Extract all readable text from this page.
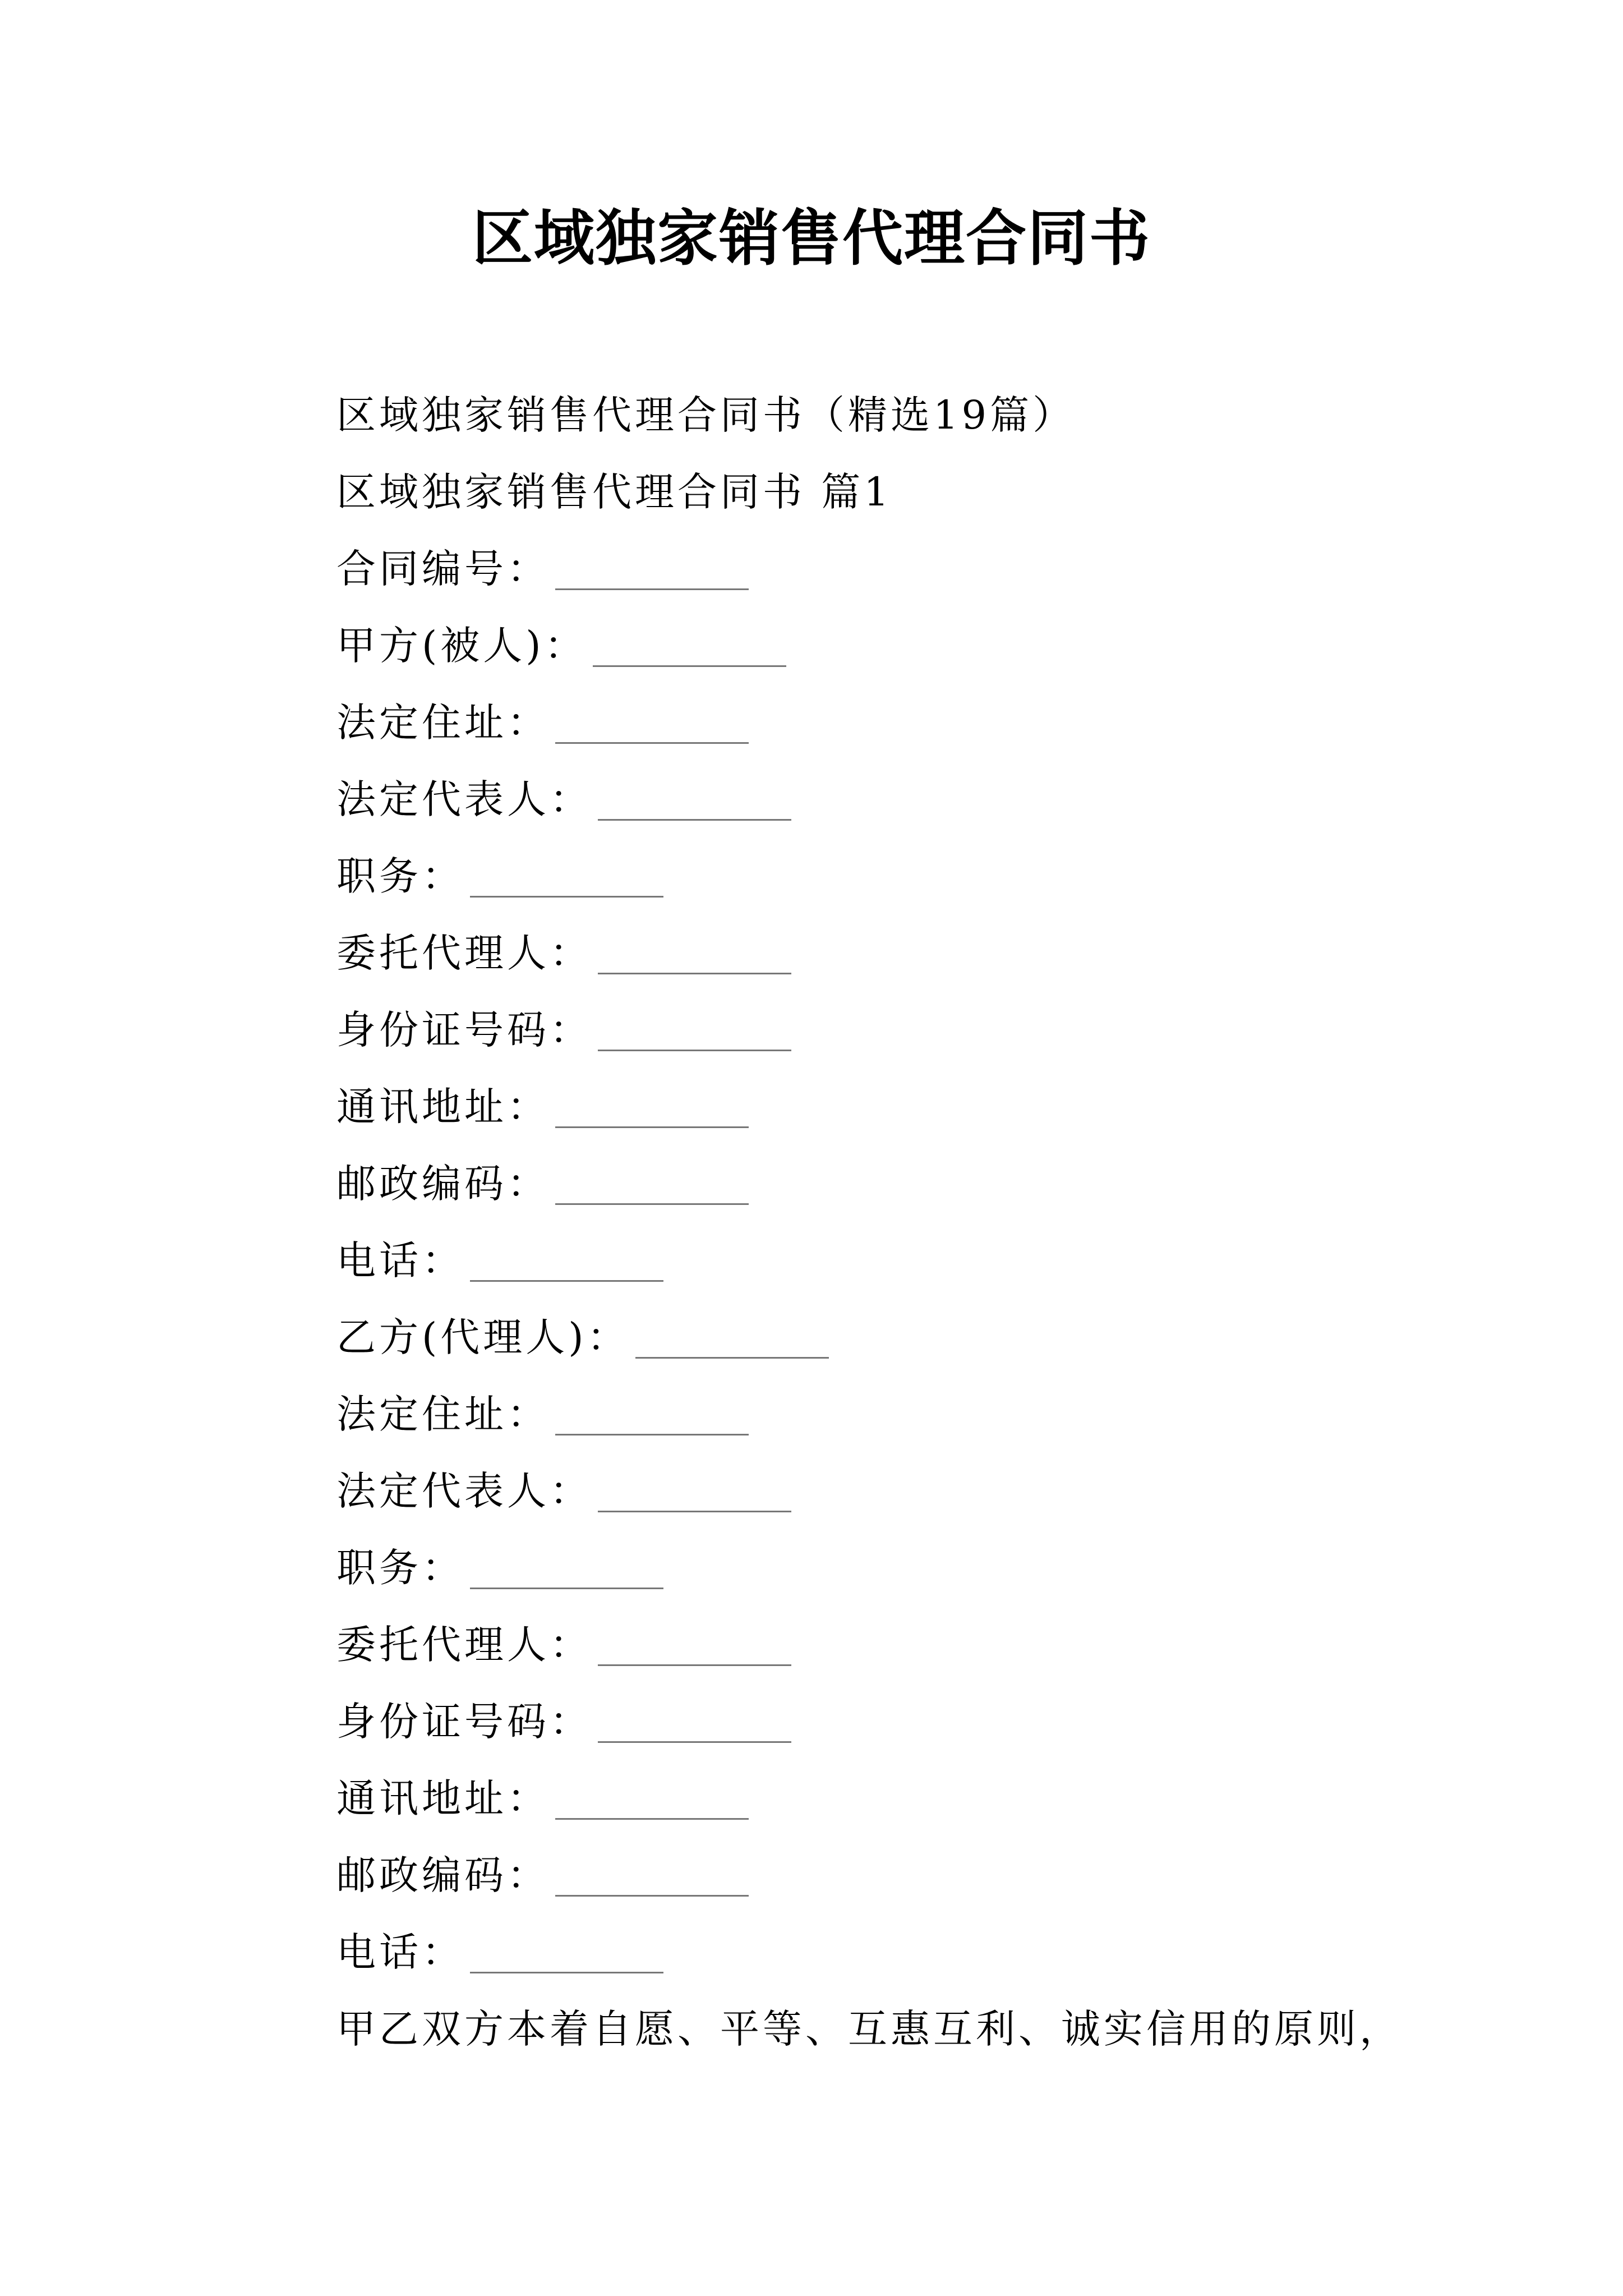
区域独家销售代理合同书
区域独家销售代理合同书（精选19篇）
区域独家销售代理合同书 篇1
合同编号：
甲方(被人)：
法定住址：
法定代表人：
职务：
委托代理人：
身份证号码：
通讯地址：
邮政编码：
电话：
乙方(代理人)：
法定住址：
法定代表人：
职务：
委托代理人：
身份证号码：
通讯地址：
邮政编码：
电话：
甲乙双方本着自愿、平等、互惠互利、诚实信用的原则，
